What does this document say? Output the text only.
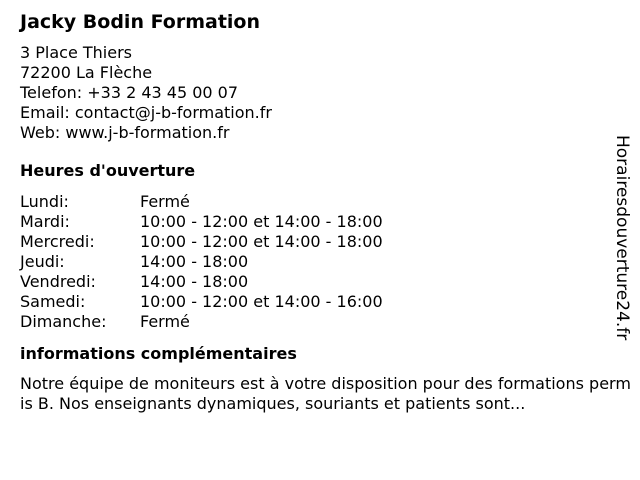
Jacky Bodin Formation
3 Place Thiers
72200 La Flèche
Telefon: +33 2 43 45 00 07
Email: contact@j-b-formation.fr
Web: www.j-b-formation.fr
Heures d'ouverture
Lundi:	Fermé
Mardi:	10:00 - 12:00 et 14:00 - 18:00
Mercredi:	10:00 - 12:00 et 14:00 - 18:00
Jeudi:	14:00 - 18:00
Vendredi:	14:00 - 18:00
Samedi:	10:00 - 12:00 et 14:00 - 16:00
Dimanche:	Fermé
informations complémentaires
Notre équipe de moniteurs est à votre disposition pour des formations permis B. Nos enseignants dynamiques, souriants et patients sont...
Horairesdouverture24.fr
